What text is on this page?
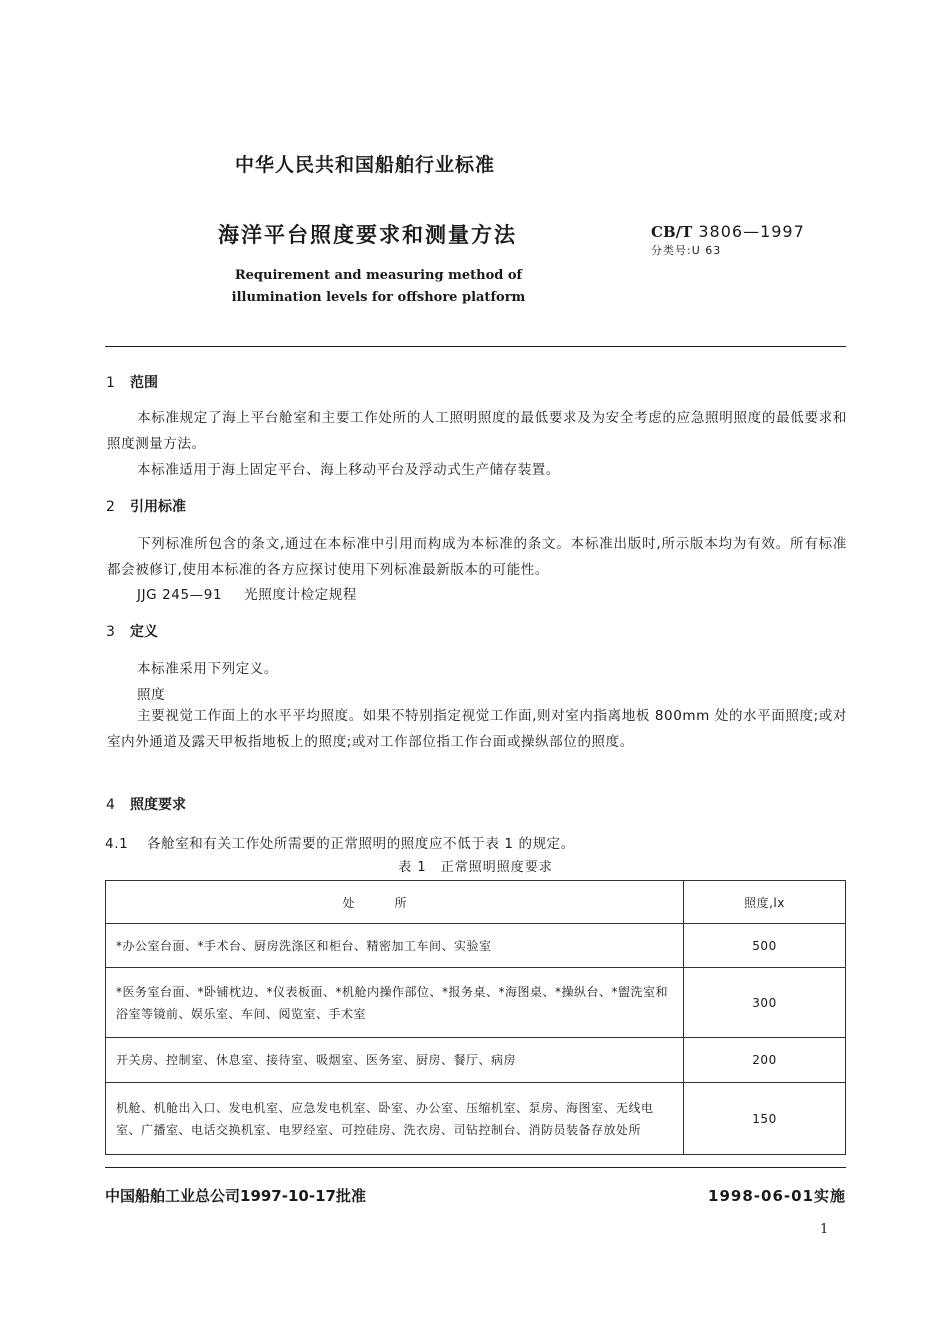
中华人民共和国船舶行业标准
海洋平台照度要求和测量方法	CB/T 3806—1997
分类号:U 63
Requirement and measuring method of
illumination levels for offshore platform
1 范围
本标准规定了海上平台舱室和主要工作处所的人工照明照度的最低要求及为安全考虑的应急照明照度的最低要求和照度测量方法。
本标准适用于海上固定平台、海上移动平台及浮动式生产储存装置。
2 引用标准
下列标准所包含的条文,通过在本标准中引用而构成为本标准的条文。本标准出版时,所示版本均为有效。所有标准都会被修订,使用本标准的各方应探讨使用下列标准最新版本的可能性。
JJG 245—91 光照度计检定规程
3 定义
本标准采用下列定义。
照度
主要视觉工作面上的水平平均照度。如果不特别指定视觉工作面,则对室内指离地板 800mm 处的水平面照度;或对室内外通道及露天甲板指地板上的照度;或对工作部位指工作台面或操纵部位的照度。
4 照度要求
4.1 各舱室和有关工作处所需要的正常照明的照度应不低于表 1 的规定。
表 1　正常照明照度要求
处所	照度,lx
*办公室台面、*手术台、厨房洗涤区和柜台、精密加工车间、实验室	500
*医务室台面、*卧铺枕边、*仪表板面、*机舱内操作部位、*报务桌、*海图桌、*操纵台、*盥洗室和浴室等镜前、娱乐室、车间、阅览室、手术室	300
开关房、控制室、休息室、接待室、吸烟室、医务室、厨房、餐厅、病房	200
机舱、机舱出入口、发电机室、应急发电机室、卧室、办公室、压缩机室、泵房、海图室、无线电室、广播室、电话交换机室、电罗经室、可控硅房、洗衣房、司钻控制台、消防员装备存放处所	150
中国船舶工业总公司1997-10-17批准	1998-06-01实施
1
